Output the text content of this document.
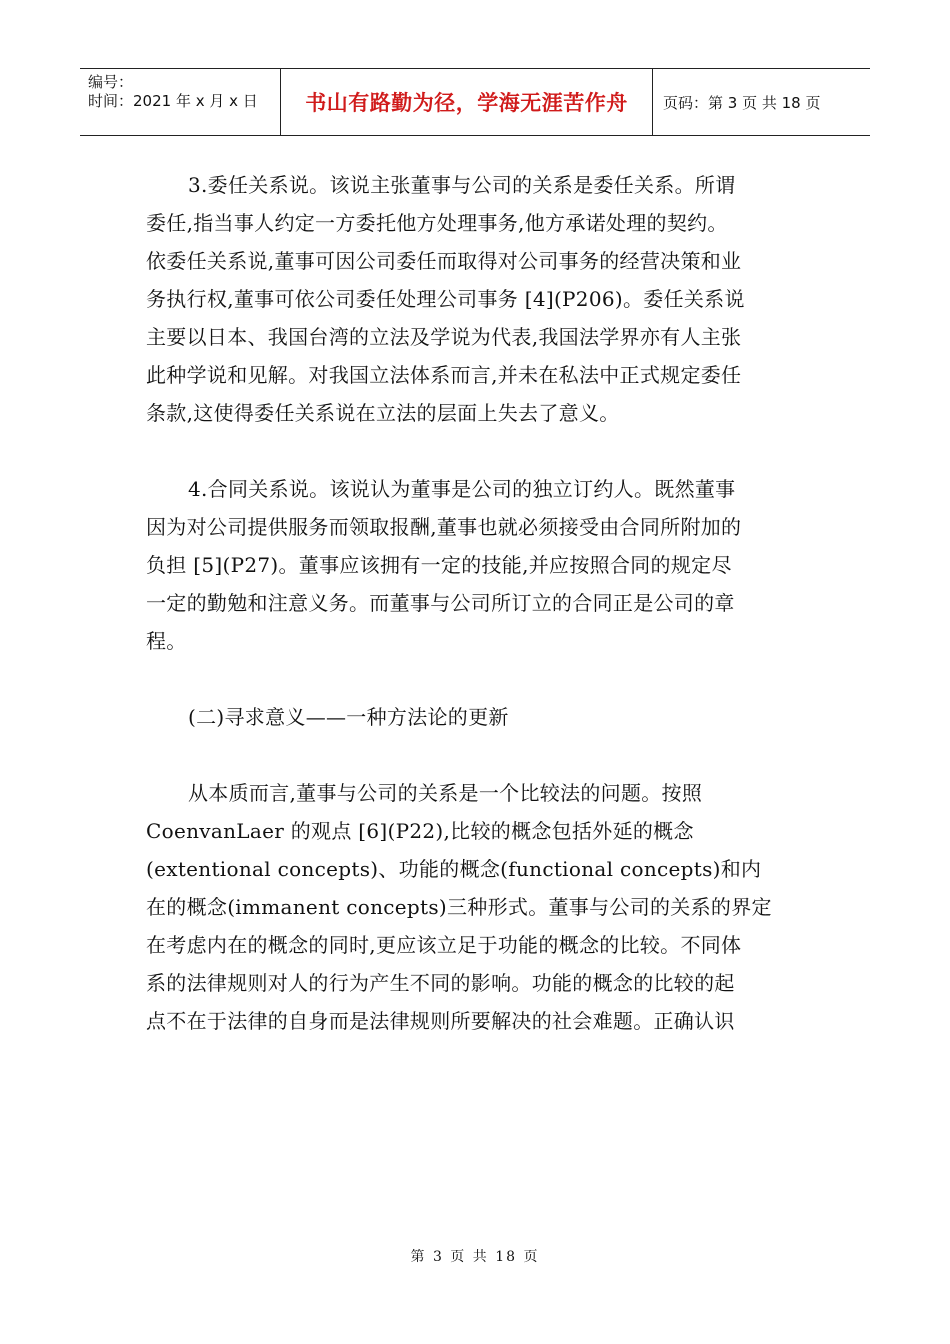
编号：
时间：2021 年 x 月 x 日	书山有路勤为径，学海无涯苦作舟	页码：第 3 页 共 18 页

3.委任关系说。该说主张董事与公司的关系是委任关系。所谓
委任,指当事人约定一方委托他方处理事务,他方承诺处理的契约。
依委任关系说,董事可因公司委任而取得对公司事务的经营决策和业
务执行权,董事可依公司委任处理公司事务 [4](P206)。委任关系说
主要以日本、我国台湾的立法及学说为代表,我国法学界亦有人主张
此种学说和见解。对我国立法体系而言,并未在私法中正式规定委任
条款,这使得委任关系说在立法的层面上失去了意义。

4.合同关系说。该说认为董事是公司的独立订约人。既然董事
因为对公司提供服务而领取报酬,董事也就必须接受由合同所附加的
负担 [5](P27)。董事应该拥有一定的技能,并应按照合同的规定尽
一定的勤勉和注意义务。而董事与公司所订立的合同正是公司的章
程。

(二)寻求意义——一种方法论的更新

从本质而言,董事与公司的关系是一个比较法的问题。按照
CoenvanLaer 的观点 [6](P22),比较的概念包括外延的概念
(extentional concepts)、功能的概念(functional concepts)和内
在的概念(immanent concepts)三种形式。董事与公司的关系的界定
在考虑内在的概念的同时,更应该立足于功能的概念的比较。不同体
系的法律规则对人的行为产生不同的影响。功能的概念的比较的起
点不在于法律的自身而是法律规则所要解决的社会难题。正确认识

第 3 页 共 18 页
